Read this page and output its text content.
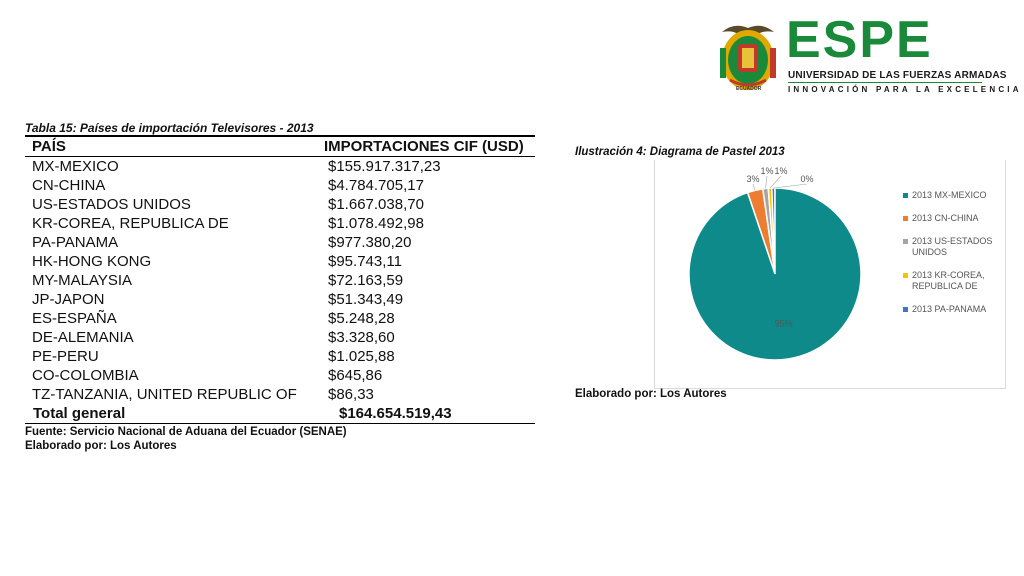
ECUADOR
ESPE
UNIVERSIDAD DE LAS FUERZAS ARMADAS
INNOVACIÓN PARA LA EXCELENCIA
Tabla 15: Países de importación Televisores - 2013
PAÍS	IMPORTACIONES CIF (USD)
MX-MEXICO	$155.917.317,23
CN-CHINA	$4.784.705,17
US-ESTADOS UNIDOS	$1.667.038,70
KR-COREA, REPUBLICA DE	$1.078.492,98
PA-PANAMA	$977.380,20
HK-HONG KONG	$95.743,11
MY-MALAYSIA	$72.163,59
JP-JAPON	$51.343,49
ES-ESPAÑA	$5.248,28
DE-ALEMANIA	$3.328,60
PE-PERU	$1.025,88
CO-COLOMBIA	$645,86
TZ-TANZANIA, UNITED REPUBLIC OF	$86,33
Total general	$164.654.519,43
Fuente: Servicio Nacional de Aduana del Ecuador (SENAE)
Elaborado por: Los Autores
Ilustración 4: Diagrama de Pastel 2013
3%
1% 1%
0%
95%
2013 MX-MEXICO
2013 CN-CHINA
2013 US-ESTADOS UNIDOS
2013 KR-COREA, REPUBLICA DE
2013 PA-PANAMA
Elaborado por: Los Autores
